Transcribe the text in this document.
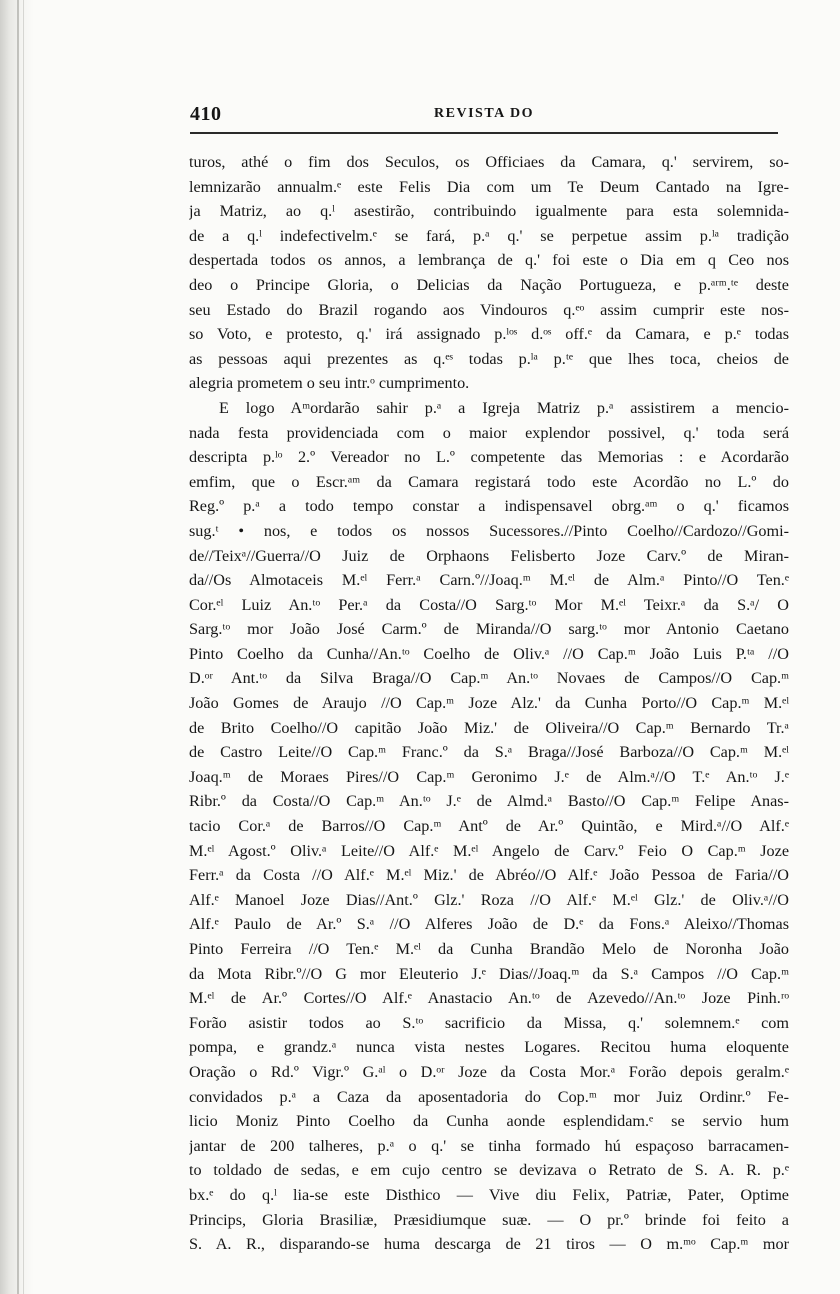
410	REVISTA DO
turos, athé o fim dos Seculos, os Officiaes da Camara, q.' servirem, so-
lemnizarão annualm.ᵉ este Felis Dia com um Te Deum Cantado na Igre-
ja Matriz, ao q.ˡ asestirão, contribuindo igualmente para esta solemnida-
de a q.ˡ indefectivelm.ᵉ se fará, p.ᵃ q.' se perpetue assim p.ˡᵃ tradição
despertada todos os annos, a lembrança de q.' foi este o Dia em q Ceo nos
deo o Principe Gloria, o Delicias da Nação Portugueza, e p.ᵃʳᵐ.ᵗᵉ deste
seu Estado do Brazil rogando aos Vindouros q.ᵉᵒ assim cumprir este nos-
so Voto, e protesto, q.' irá assignado p.ˡᵒˢ d.ᵒˢ off.ᵉ da Camara, e p.ᵉ todas
as pessoas aqui prezentes as q.ᵉˢ todas p.ˡᵃ p.ᵗᵉ que lhes toca, cheios de
alegria prometem o seu intr.ᵒ cumprimento.
E logo Aᵐordarão sahir p.ᵃ a Igreja Matriz p.ᵃ assistirem a mencio-
nada festa providenciada com o maior explendor possivel, q.' toda será
descripta p.ˡᵒ 2.º Vereador no L.º competente das Memorias : e Acordarão
emfim, que o Escr.ᵃᵐ da Camara registará todo este Acordão no L.º do
Reg.º p.ᵃ a todo tempo constar a indispensavel obrg.ᵃᵐ o q.' ficamos
sug.ᵗ • nos, e todos os nossos Sucessores.//Pinto Coelho//Cardozo//Gomi-
de//Teixᵃ//Guerra//O Juiz de Orphaons Felisberto Joze Carv.º de Miran-
da//Os Almotaceis M.ᵉˡ Ferr.ᵃ Carn.º//Joaq.ᵐ M.ᵉˡ de Alm.ᵃ Pinto//O Ten.ᵉ
Cor.ᵉˡ Luiz An.ᵗᵒ Per.ᵃ da Costa//O Sarg.ᵗᵒ Mor M.ᵉˡ Teixr.ᵃ da S.ᵃ/ O
Sarg.ᵗᵒ mor João José Carm.º de Miranda//O sarg.ᵗᵒ mor Antonio Caetano
Pinto Coelho da Cunha//An.ᵗᵒ Coelho de Oliv.ᵃ //O Cap.ᵐ João Luis P.ᵗᵃ //O
D.ᵒʳ Ant.ᵗᵒ da Silva Braga//O Cap.ᵐ An.ᵗᵒ Novaes de Campos//O Cap.ᵐ
João Gomes de Araujo //O Cap.ᵐ Joze Alz.' da Cunha Porto//O Cap.ᵐ M.ᵉˡ
de Brito Coelho//O capitão João Miz.' de Oliveira//O Cap.ᵐ Bernardo Tr.ᵃ
de Castro Leite//O Cap.ᵐ Franc.º da S.ᵃ Braga//José Barboza//O Cap.ᵐ M.ᵉˡ
Joaq.ᵐ de Moraes Pires//O Cap.ᵐ Geronimo J.ᵉ de Alm.ᵃ//O T.ᵉ An.ᵗᵒ J.ᵉ
Ribr.º da Costa//O Cap.ᵐ An.ᵗᵒ J.ᵉ de Almd.ᵃ Basto//O Cap.ᵐ Felipe Anas-
tacio Cor.ᵃ de Barros//O Cap.ᵐ Antº de Ar.º Quintão, e Mird.ᵃ//O Alf.ᵉ
M.ᵉˡ Agost.º Oliv.ᵃ Leite//O Alf.ᵉ M.ᵉˡ Angelo de Carv.º Feio O Cap.ᵐ Joze
Ferr.ᵃ da Costa //O Alf.ᵉ M.ᵉˡ Miz.' de Abréo//O Alf.ᵉ João Pessoa de Faria//O
Alf.ᵉ Manoel Joze Dias//Ant.º Glz.' Roza //O Alf.ᵉ M.ᵉˡ Glz.' de Oliv.ᵃ//O
Alf.ᵉ Paulo de Ar.º S.ᵃ //O Alferes João de D.ᵉ da Fons.ᵃ Aleixo//Thomas
Pinto Ferreira //O Ten.ᵉ M.ᵉˡ da Cunha Brandão Melo de Noronha João
da Mota Ribr.º//O G mor Eleuterio J.ᵉ Dias//Joaq.ᵐ da S.ᵃ Campos //O Cap.ᵐ
M.ᵉˡ de Ar.º Cortes//O Alf.ᵉ Anastacio An.ᵗᵒ de Azevedo//An.ᵗᵒ Joze Pinh.ʳᵒ
Forão asistir todos ao S.ᵗᵒ sacrificio da Missa, q.' solemnem.ᵉ com
pompa, e grandz.ᵃ nunca vista nestes Logares. Recitou huma eloquente
Oração o Rd.º Vigr.º G.ᵃˡ o D.ᵒʳ Joze da Costa Mor.ᵃ Forão depois geralm.ᵉ
convidados p.ᵃ a Caza da aposentadoria do Cop.ᵐ mor Juiz Ordinr.º Fe-
licio Moniz Pinto Coelho da Cunha aonde esplendidam.ᵉ se servio hum
jantar de 200 talheres, p.ᵃ o q.' se tinha formado hú espaçoso barracamen-
to toldado de sedas, e em cujo centro se devizava o Retrato de S. A. R. p.ᵉ
bx.ᵉ do q.ˡ lia-se este Disthico — Vive diu Felix, Patriæ, Pater, Optime
Princips, Gloria Brasiliæ, Præsidiumque suæ. — O pr.º brinde foi feito a
S. A. R., disparando-se huma descarga de 21 tiros — O m.ᵐᵒ Cap.ᵐ mor
